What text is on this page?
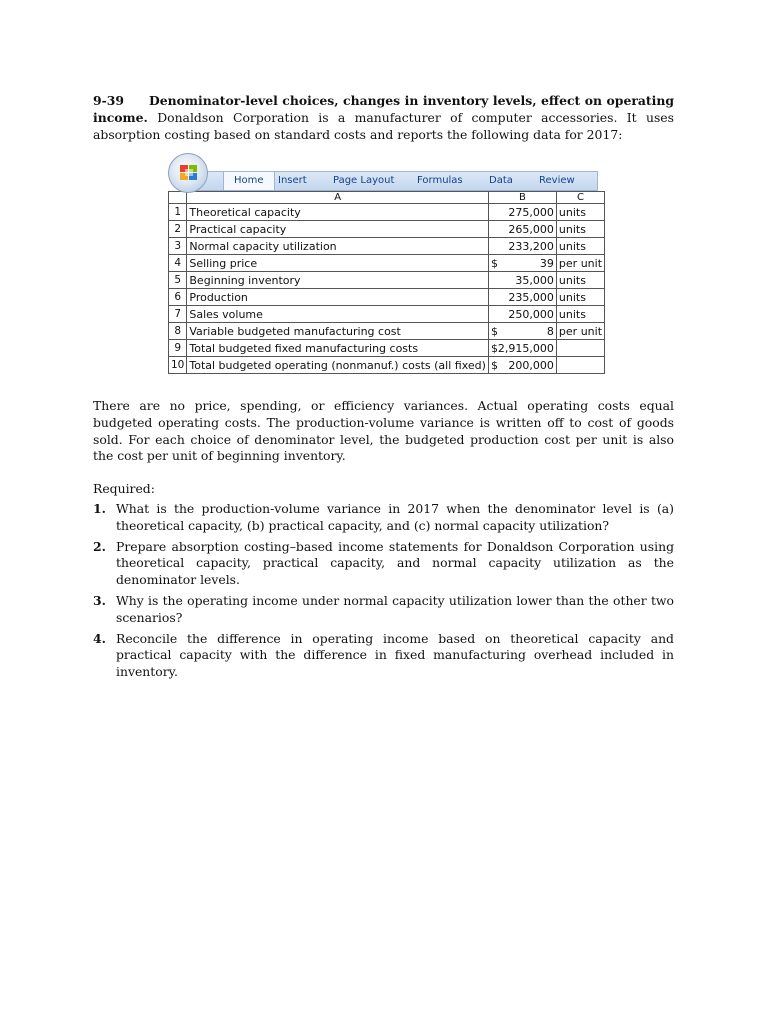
9-39 Denominator-level choices, changes in inventory levels, effect on operating income. Donaldson Corporation is a manufacturer of computer accessories. It uses absorption costing based on standard costs and reports the following data for 2017:

Home	Insert	Page Layout Formulas	Data	Review
	A	B	C
1	Theoretical capacity	275,000	units
2	Practical capacity	265,000	units
3	Normal capacity utilization	233,200	units
4	Selling price	$ 39	per unit
5	Beginning inventory	35,000	units
6	Production	235,000	units
7	Sales volume	250,000	units
8	Variable budgeted manufacturing cost	$ 8	per unit
9	Total budgeted fixed manufacturing costs	$2,915,000	
10	Total budgeted operating (nonmanuf.) costs (all fixed)	$ 200,000	

There are no price, spending, or efficiency variances. Actual operating costs equal budgeted operating costs. The production-volume variance is written off to cost of goods sold. For each choice of denominator level, the budgeted production cost per unit is also the cost per unit of beginning inventory.

Required:

1. What is the production-volume variance in 2017 when the denominator level is (a) theoretical capacity, (b) practical capacity, and (c) normal capacity utilization?
2. Prepare absorption costing–based income statements for Donaldson Corporation using theoretical capacity, practical capacity, and normal capacity utilization as the denominator levels.
3. Why is the operating income under normal capacity utilization lower than the other two scenarios?
4. Reconcile the difference in operating income based on theoretical capacity and practical capacity with the difference in fixed manufacturing overhead included in inventory.
